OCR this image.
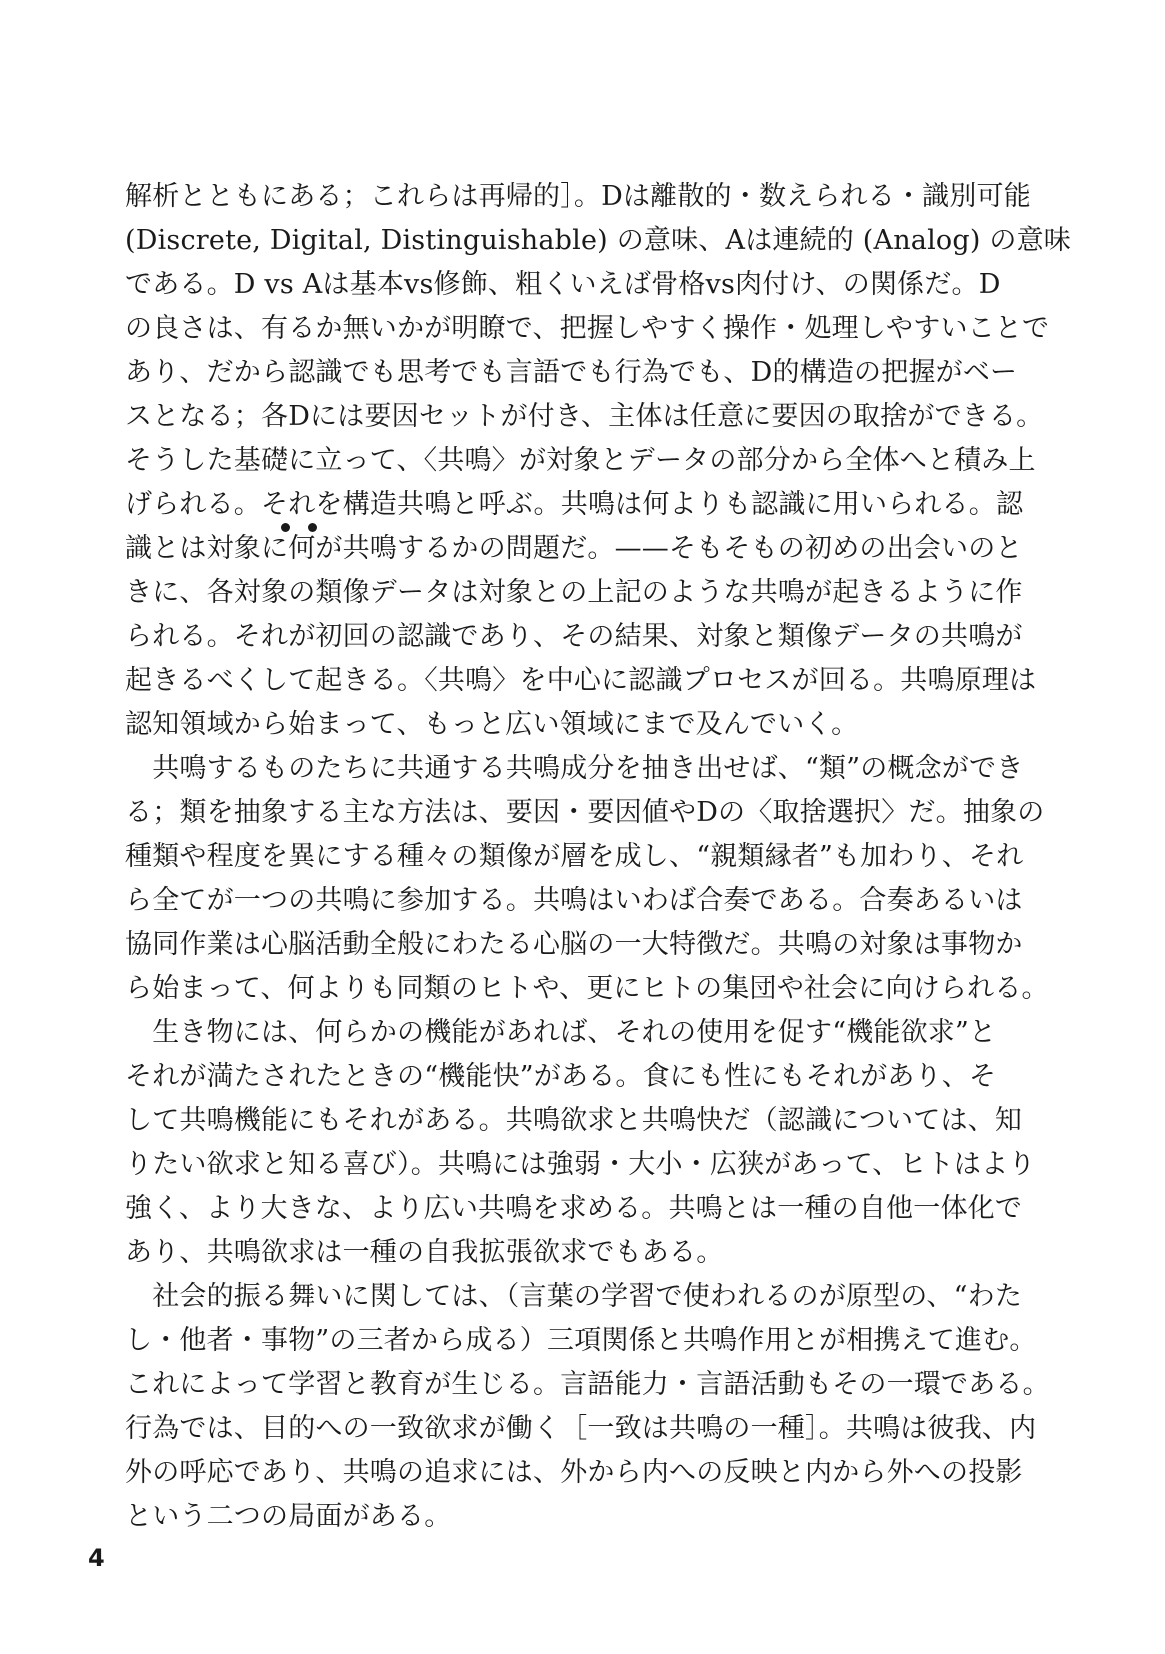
解析とともにある；これらは再帰的］。Dは離散的・数えられる・識別可能
(Discrete, Digital, Distinguishable) の意味、Aは連続的 (Analog) の意味
である。D vs Aは基本vs修飾、粗くいえば骨格vs肉付け、の関係だ。D
の良さは、有るか無いかが明瞭で、把握しやすく操作・処理しやすいことで
あり、だから認識でも思考でも言語でも行為でも、D的構造の把握がベー
スとなる；各Dには要因セットが付き、主体は任意に要因の取捨ができる。
そうした基礎に立って、〈共鳴〉が対象とデータの部分から全体へと積み上
げられる。それを構造共鳴と呼ぶ。共鳴は何よりも認識に用いられる。認
識とは対象に何が共鳴するかの問題だ。——そもそもの初めの出会いのと
きに、各対象の類像データは対象との上記のような共鳴が起きるように作
られる。それが初回の認識であり、その結果、対象と類像データの共鳴が
起きるべくして起きる。〈共鳴〉を中心に認識プロセスが回る。共鳴原理は
認知領域から始まって、もっと広い領域にまで及んでいく。
　共鳴するものたちに共通する共鳴成分を抽き出せば、“類”の概念ができ
る；類を抽象する主な方法は、要因・要因値やDの〈取捨選択〉だ。抽象の
種類や程度を異にする種々の類像が層を成し、“親類縁者”も加わり、それ
ら全てが一つの共鳴に参加する。共鳴はいわば合奏である。合奏あるいは
協同作業は心脳活動全般にわたる心脳の一大特徴だ。共鳴の対象は事物か
ら始まって、何よりも同類のヒトや、更にヒトの集団や社会に向けられる。
　生き物には、何らかの機能があれば、それの使用を促す“機能欲求”と
それが満たされたときの“機能快”がある。食にも性にもそれがあり、そ
して共鳴機能にもそれがある。共鳴欲求と共鳴快だ（認識については、知
りたい欲求と知る喜び）。共鳴には強弱・大小・広狭があって、ヒトはより
強く、より大きな、より広い共鳴を求める。共鳴とは一種の自他一体化で
あり、共鳴欲求は一種の自我拡張欲求でもある。
　社会的振る舞いに関しては、（言葉の学習で使われるのが原型の、“わた
し・他者・事物”の三者から成る）三項関係と共鳴作用とが相携えて進む。
これによって学習と教育が生じる。言語能力・言語活動もその一環である。
行為では、目的への一致欲求が働く［一致は共鳴の一種］。共鳴は彼我、内
外の呼応であり、共鳴の追求には、外から内への反映と内から外への投影
という二つの局面がある。
4
